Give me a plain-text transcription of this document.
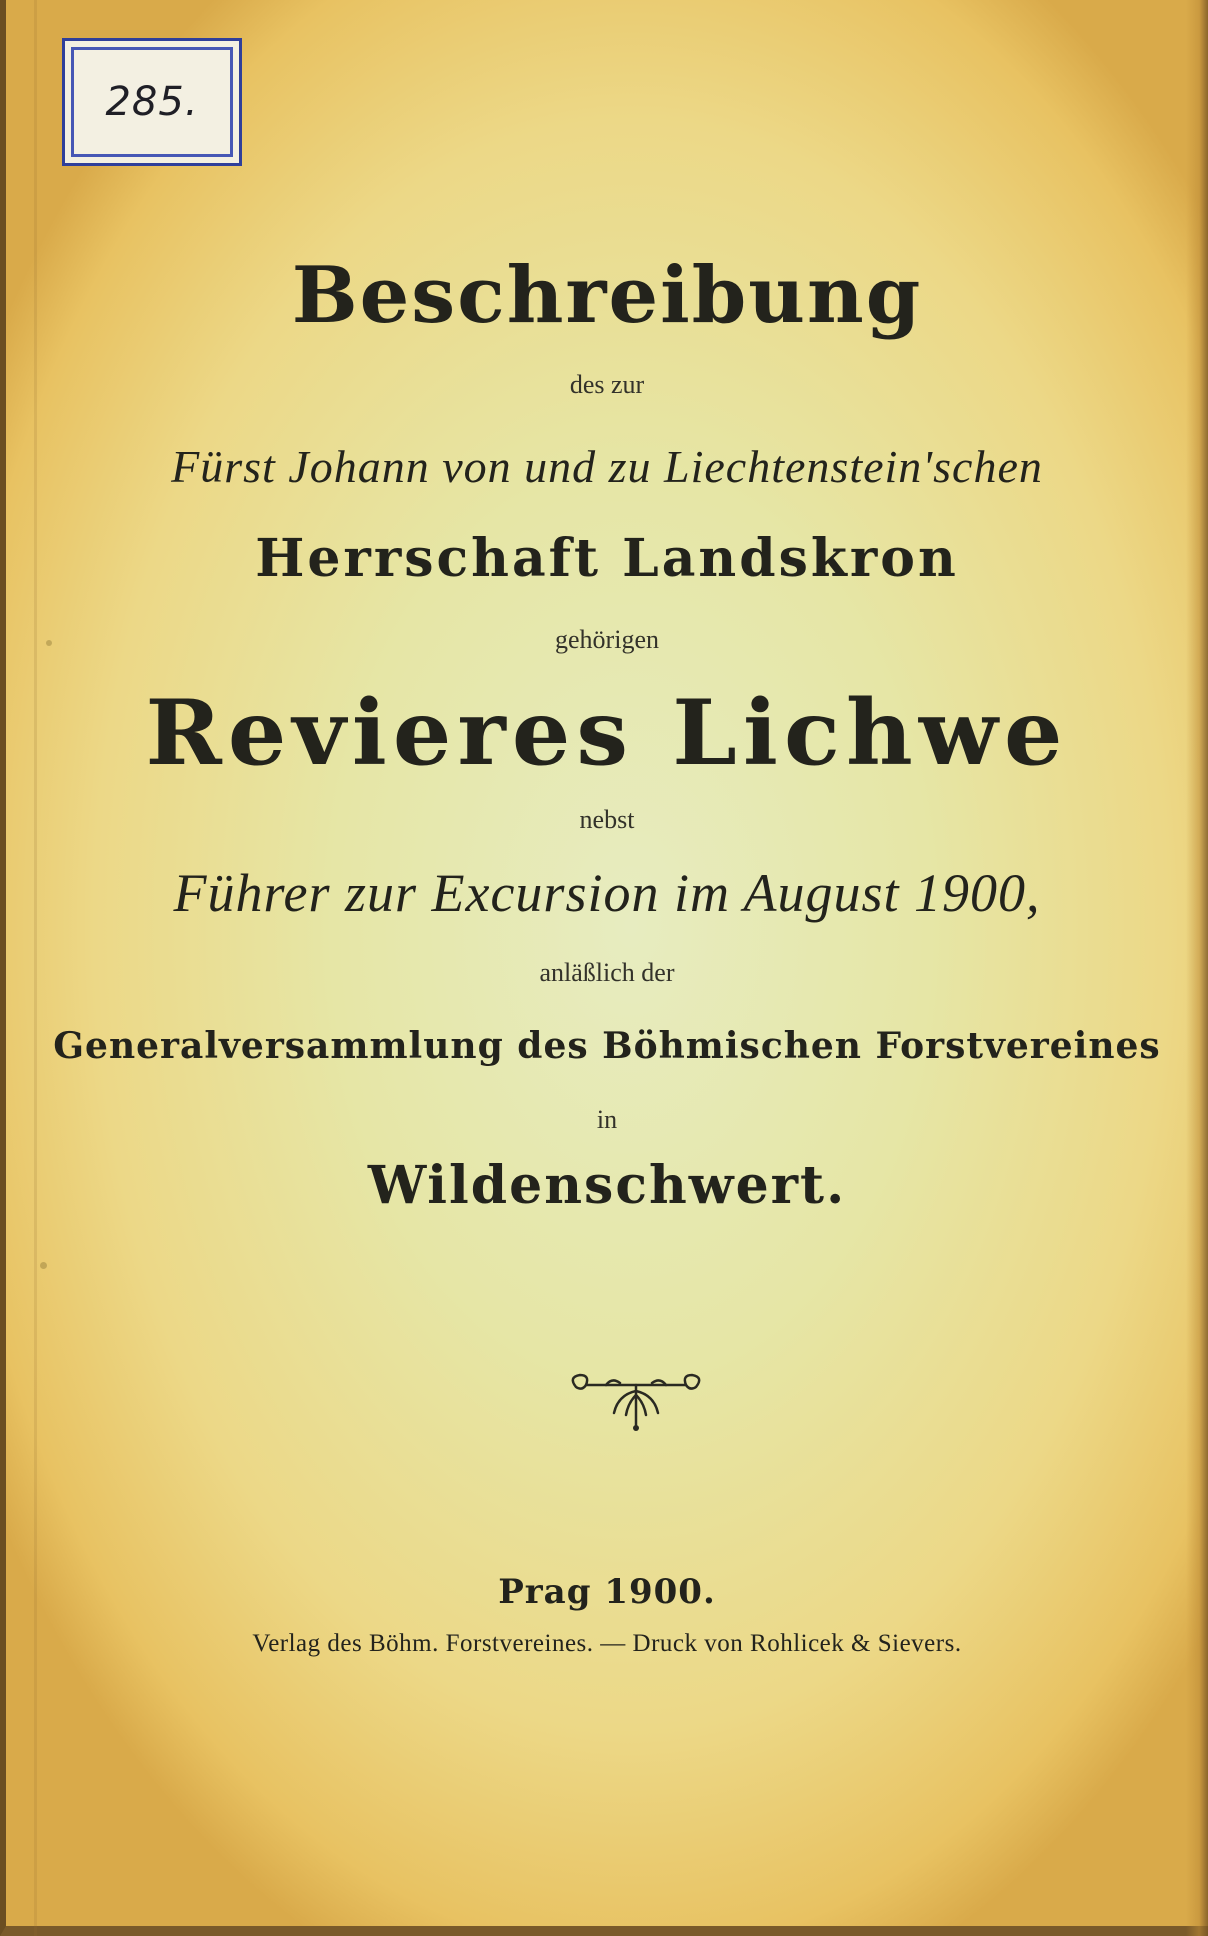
285.
Beschreibung
des zur
Fürst Johann von und zu Liechtenstein'schen
Herrschaft Landskron
gehörigen
Revieres Lichwe
nebst
Führer zur Excursion im August 1900,
anläßlich der
Generalversammlung des Böhmischen Forstvereines
in
Wildenschwert.
Prag 1900.
Verlag des Böhm. Forstvereines. — Druck von Rohlicek & Sievers.
